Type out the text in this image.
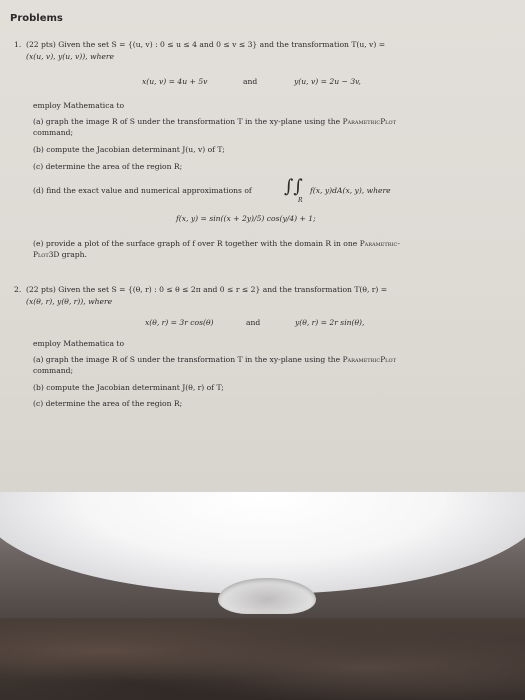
Problems
1. (22 pts) Given the set S = {(u, v) : 0 ≤ u ≤ 4 and 0 ≤ v ≤ 3} and the transformation T(u, v) =
(x(u, v), y(u, v)), where
x(u, v) = 4u + 5v	and	y(u, v) = 2u − 3v,
employ Mathematica to
(a) graph the image R of S under the transformation T in the xy-plane using the ParametricPlot
command;
(b) compute the Jacobian determinant J(u, v) of T;
(c) determine the area of the region R;
(d) find the exact value and numerical approximations of ∫∫
R
f(x, y)dA(x, y), where
f(x, y) = sin((x + 2y)/5) cos(y/4) + 1;
(e) provide a plot of the surface graph of f over R together with the domain R in one Parametric-
Plot3D graph.
2. (22 pts) Given the set S = {(θ, r) : 0 ≤ θ ≤ 2π and 0 ≤ r ≤ 2} and the transformation T(θ, r) =
(x(θ, r), y(θ, r)), where
x(θ, r) = 3r cos(θ)	and	y(θ, r) = 2r sin(θ),
employ Mathematica to
(a) graph the image R of S under the transformation T in the xy-plane using the ParametricPlot
command;
(b) compute the Jacobian determinant J(θ, r) of T;
(c) determine the area of the region R;
